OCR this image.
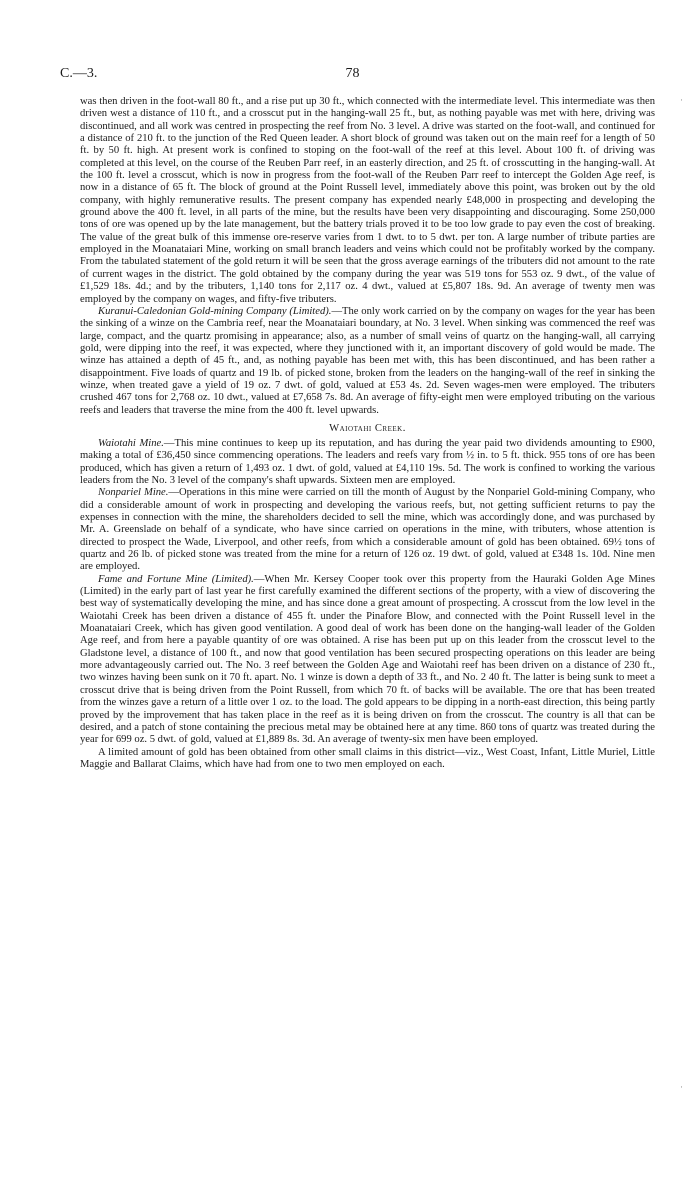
C.—3.	78

was then driven in the foot-wall 80 ft., and a rise put up 30 ft., which connected with the intermediate level. This intermediate was then driven west a distance of 110 ft., and a crosscut put in the hanging-wall 25 ft., but, as nothing payable was met with here, driving was discontinued, and all work was centred in prospecting the reef from No. 3 level. A drive was started on the foot-wall, and continued for a distance of 210 ft. to the junction of the Red Queen leader. A short block of ground was taken out on the main reef for a length of 50 ft. by 50 ft. high. At present work is confined to stoping on the foot-wall of the reef at this level. About 100 ft. of driving was completed at this level, on the course of the Reuben Parr reef, in an easterly direction, and 25 ft. of crosscutting in the hanging-wall. At the 100 ft. level a crosscut, which is now in progress from the foot-wall of the Reuben Parr reef to intercept the Golden Age reef, is now in a distance of 65 ft. The block of ground at the Point Russell level, immediately above this point, was broken out by the old company, with highly remunerative results. The present company has expended nearly £48,000 in prospecting and developing the ground above the 400 ft. level, in all parts of the mine, but the results have been very disappointing and discouraging. Some 250,000 tons of ore was opened up by the late management, but the battery trials proved it to be too low grade to pay even the cost of breaking. The value of the great bulk of this immense ore-reserve varies from 1 dwt. to to 5 dwt. per ton. A large number of tribute parties are employed in the Moanataiari Mine, working on small branch leaders and veins which could not be profitably worked by the company. From the tabulated statement of the gold return it will be seen that the gross average earnings of the tributers did not amount to the rate of current wages in the district. The gold obtained by the company during the year was 519 tons for 553 oz. 9 dwt., of the value of £1,529 18s. 4d.; and by the tributers, 1,140 tons for 2,117 oz. 4 dwt., valued at £5,807 18s. 9d. An average of twenty men was employed by the company on wages, and fifty-five tributers.

Kuranui-Caledonian Gold-mining Company (Limited).—The only work carried on by the company on wages for the year has been the sinking of a winze on the Cambria reef, near the Moanataiari boundary, at No. 3 level. When sinking was commenced the reef was large, compact, and the quartz promising in appearance; also, as a number of small veins of quartz on the hanging-wall, all carrying gold, were dipping into the reef, it was expected, where they junctioned with it, an important discovery of gold would be made. The winze has attained a depth of 45 ft., and, as nothing payable has been met with, this has been discontinued, and has been rather a disappointment. Five loads of quartz and 19 lb. of picked stone, broken from the leaders on the hanging-wall of the reef in sinking the winze, when treated gave a yield of 19 oz. 7 dwt. of gold, valued at £53 4s. 2d. Seven wages-men were employed. The tributers crushed 467 tons for 2,768 oz. 10 dwt., valued at £7,658 7s. 8d. An average of fifty-eight men were employed tributing on the various reefs and leaders that traverse the mine from the 400 ft. level upwards.

Waiotahi Creek.

Waiotahi Mine.—This mine continues to keep up its reputation, and has during the year paid two dividends amounting to £900, making a total of £36,450 since commencing operations. The leaders and reefs vary from ½ in. to 5 ft. thick. 955 tons of ore has been produced, which has given a return of 1,493 oz. 1 dwt. of gold, valued at £4,110 19s. 5d. The work is confined to working the various leaders from the No. 3 level of the company's shaft upwards. Sixteen men are employed.

Nonpariel Mine.—Operations in this mine were carried on till the month of August by the Nonpariel Gold-mining Company, who did a considerable amount of work in prospecting and developing the various reefs, but, not getting sufficient returns to pay the expenses in connection with the mine, the shareholders decided to sell the mine, which was accordingly done, and was purchased by Mr. A. Greenslade on behalf of a syndicate, who have since carried on operations in the mine, with tributers, whose attention is directed to prospect the Wade, Liverpool, and other reefs, from which a considerable amount of gold has been obtained. 69½ tons of quartz and 26 lb. of picked stone was treated from the mine for a return of 126 oz. 19 dwt. of gold, valued at £348 1s. 10d. Nine men are employed.

Fame and Fortune Mine (Limited).—When Mr. Kersey Cooper took over this property from the Hauraki Golden Age Mines (Limited) in the early part of last year he first carefully examined the different sections of the property, with a view of discovering the best way of systematically developing the mine, and has since done a great amount of prospecting. A crosscut from the low level in the Waiotahi Creek has been driven a distance of 455 ft. under the Pinafore Blow, and connected with the Point Russell level in the Moanataiari Creek, which has given good ventilation. A good deal of work has been done on the hanging-wall leader of the Golden Age reef, and from here a payable quantity of ore was obtained. A rise has been put up on this leader from the crosscut level to the Gladstone level, a distance of 100 ft., and now that good ventilation has been secured prospecting operations on this leader are being more advantageously carried out. The No. 3 reef between the Golden Age and Waiotahi reef has been driven on a distance of 230 ft., two winzes having been sunk on it 70 ft. apart. No. 1 winze is down a depth of 33 ft., and No. 2 40 ft. The latter is being sunk to meet a crosscut drive that is being driven from the Point Russell, from which 70 ft. of backs will be available. The ore that has been treated from the winzes gave a return of a little over 1 oz. to the load. The gold appears to be dipping in a north-east direction, this being partly proved by the improvement that has taken place in the reef as it is being driven on from the crosscut. The country is all that can be desired, and a patch of stone containing the precious metal may be obtained here at any time. 860 tons of quartz was treated during the year for 699 oz. 5 dwt. of gold, valued at £1,889 8s. 3d. An average of twenty-six men have been employed.

A limited amount of gold has been obtained from other small claims in this district—viz., West Coast, Infant, Little Muriel, Little Maggie and Ballarat Claims, which have had from one to two men employed on each.

·
·
